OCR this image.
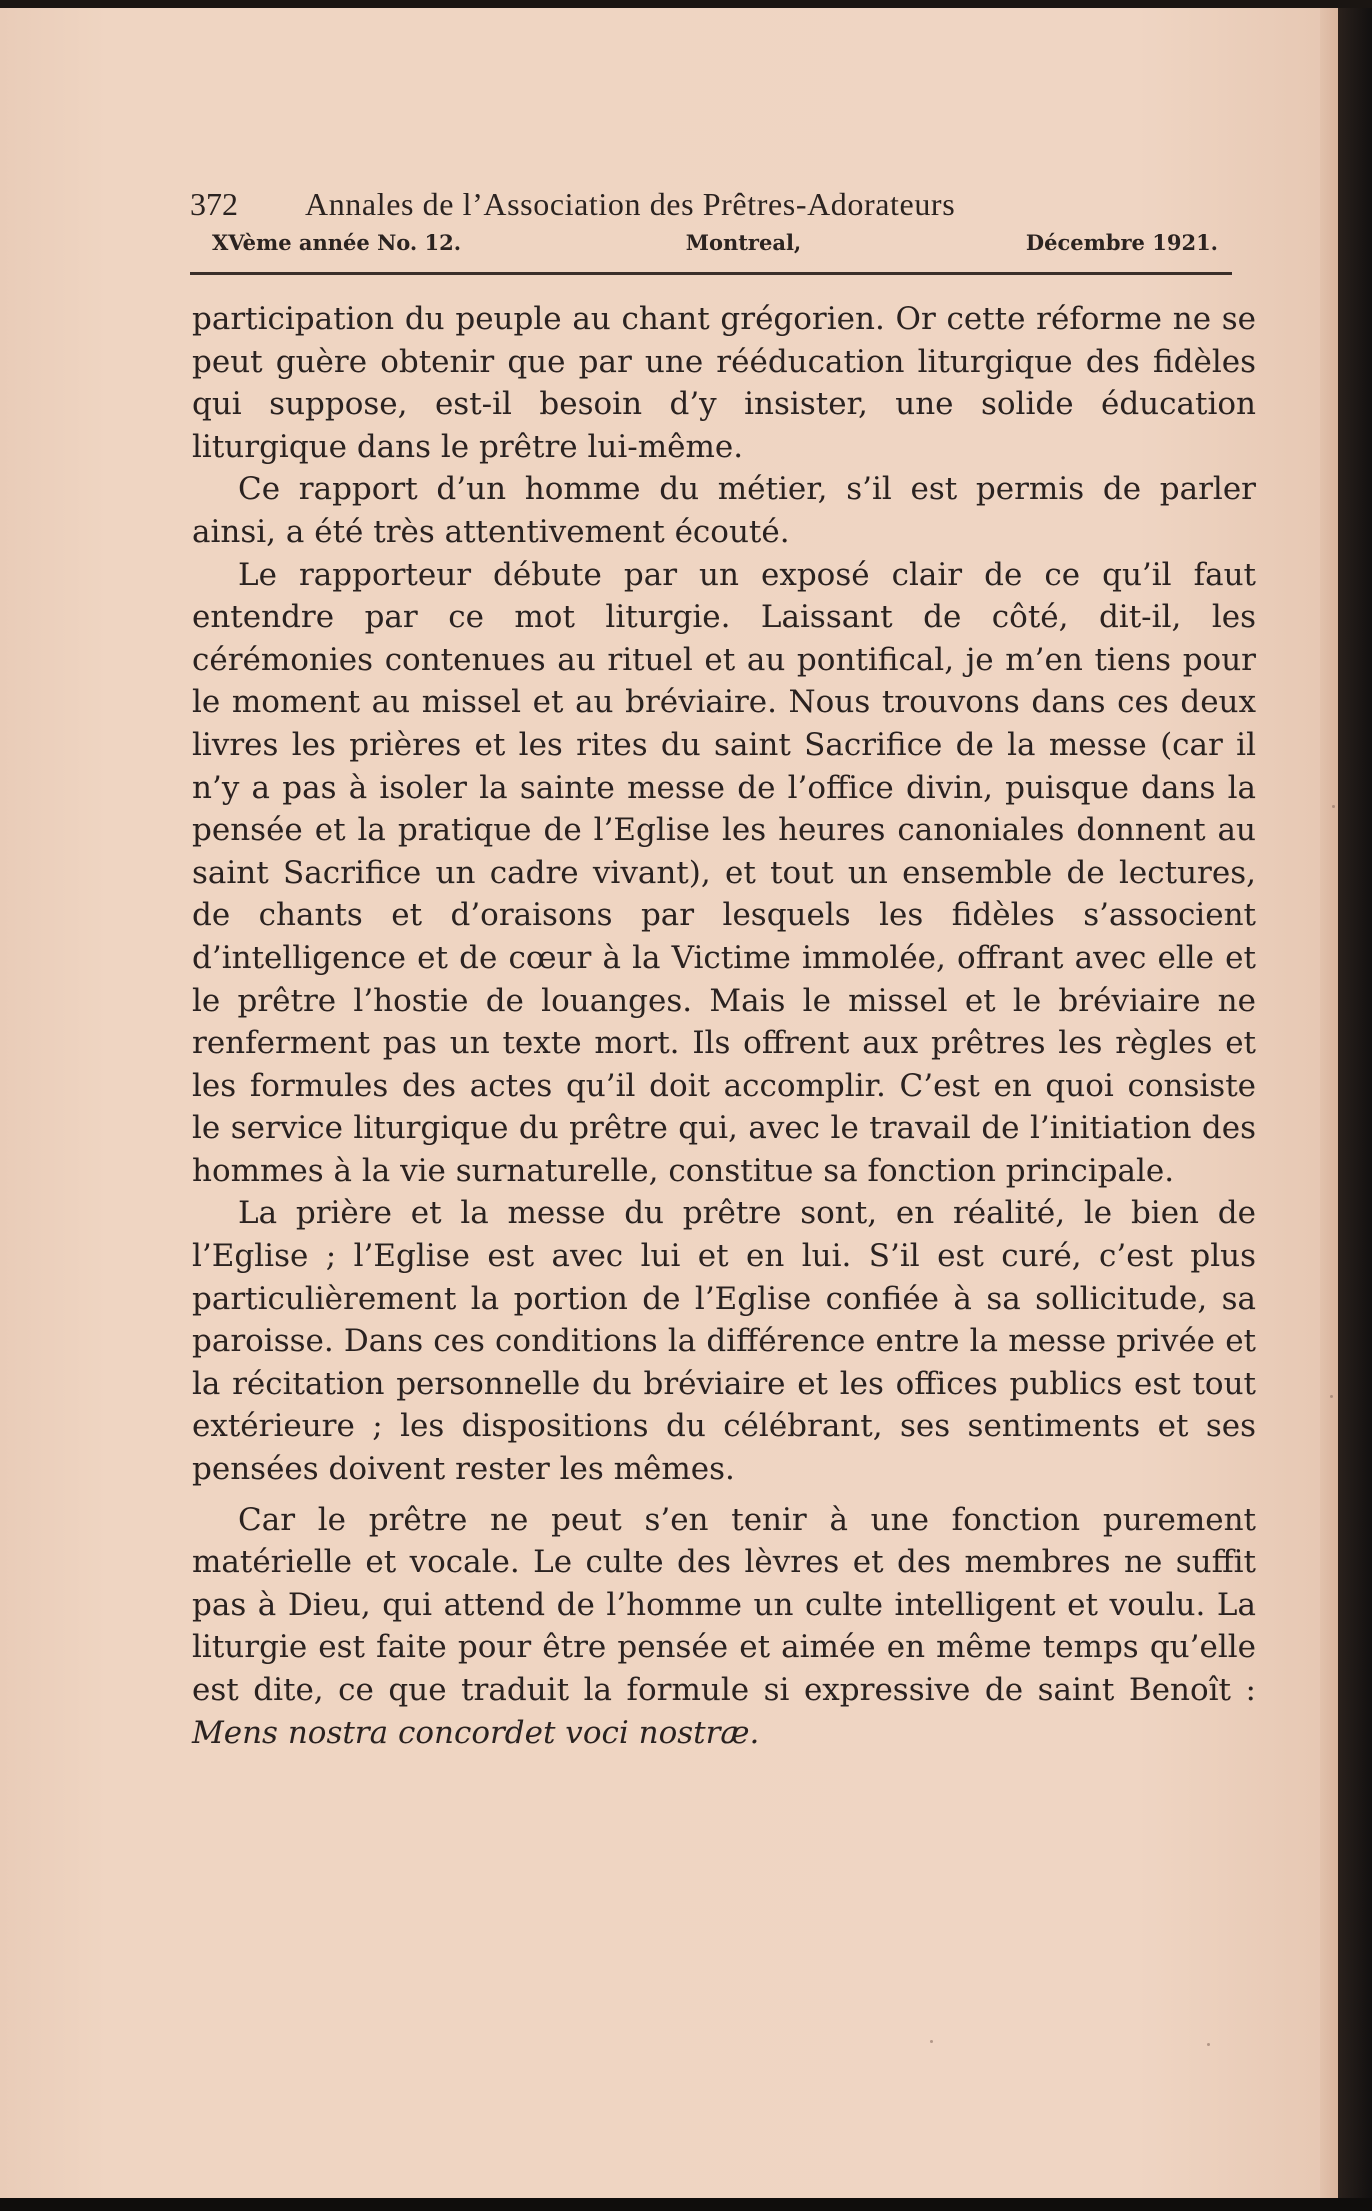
372	Annales de l’Association des Prêtres-Adorateurs
XVème année No. 12.	Montreal,	Décembre 1921.

participation du peuple au chant grégorien. Or cette réforme ne se peut guère obtenir que par une rééducation liturgique des fidèles qui suppose, est-il besoin d’y insister, une solide éducation liturgique dans le prêtre lui-même.

Ce rapport d’un homme du métier, s’il est permis de parler ainsi, a été très attentivement écouté.

Le rapporteur débute par un exposé clair de ce qu’il faut entendre par ce mot liturgie. Laissant de côté, dit-il, les cérémonies contenues au rituel et au pontifical, je m’en tiens pour le moment au missel et au bréviaire. Nous trouvons dans ces deux livres les prières et les rites du saint Sacrifice de la messe (car il n’y a pas à isoler la sainte messe de l’office divin, puisque dans la pensée et la pratique de l’Eglise les heures canoniales donnent au saint Sacrifice un cadre vivant), et tout un ensemble de lectures, de chants et d’oraisons par lesquels les fidèles s’associent d’intelligence et de cœur à la Victime immolée, offrant avec elle et le prêtre l’hostie de louanges. Mais le missel et le bréviaire ne renferment pas un texte mort. Ils offrent aux prêtres les règles et les formules des actes qu’il doit accomplir. C’est en quoi consiste le service liturgique du prêtre qui, avec le travail de l’initiation des hommes à la vie surnaturelle, constitue sa fonction principale.

La prière et la messe du prêtre sont, en réalité, le bien de l’Eglise ; l’Eglise est avec lui et en lui. S’il est curé, c’est plus particulièrement la portion de l’Eglise confiée à sa sollicitude, sa paroisse. Dans ces conditions la différence entre la messe privée et la récitation personnelle du bréviaire et les offices publics est tout extérieure ; les dispositions du célébrant, ses sentiments et ses pensées doivent rester les mêmes.

Car le prêtre ne peut s’en tenir à une fonction purement matérielle et vocale. Le culte des lèvres et des membres ne suffit pas à Dieu, qui attend de l’homme un culte intelligent et voulu. La liturgie est faite pour être pensée et aimée en même temps qu’elle est dite, ce que traduit la formule si expressive de saint Benoît : Mens nostra concordet voci nostræ.
